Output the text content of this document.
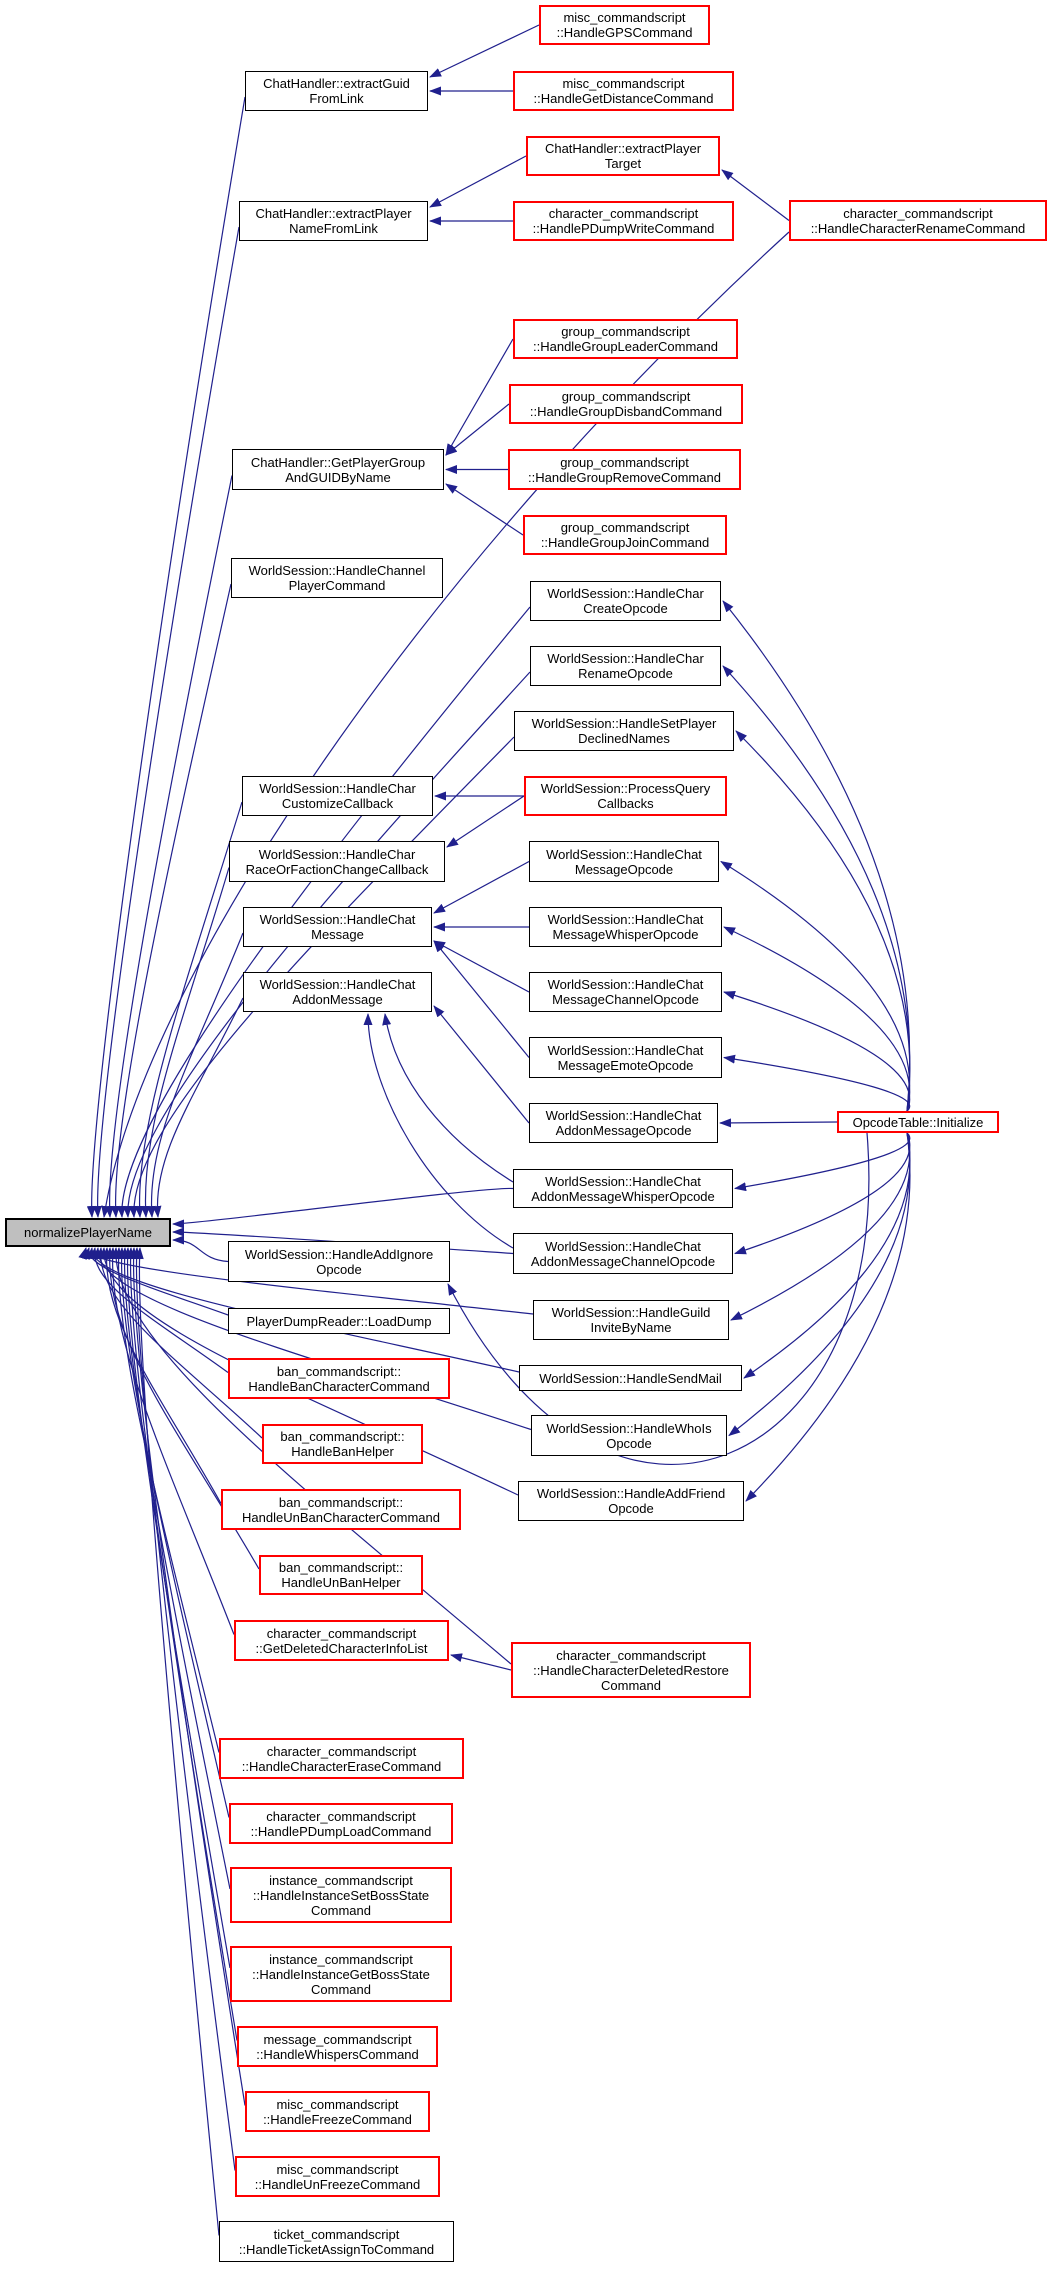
misc_commandscript
::HandleGPSCommand
ChatHandler::extractGuid
FromLink
misc_commandscript
::HandleGetDistanceCommand
ChatHandler::extractPlayer
Target
ChatHandler::extractPlayer
NameFromLink
character_commandscript
::HandlePDumpWriteCommand
character_commandscript
::HandleCharacterRenameCommand
group_commandscript
::HandleGroupLeaderCommand
group_commandscript
::HandleGroupDisbandCommand
ChatHandler::GetPlayerGroup
AndGUIDByName
group_commandscript
::HandleGroupRemoveCommand
group_commandscript
::HandleGroupJoinCommand
WorldSession::HandleChannel
PlayerCommand
WorldSession::HandleChar
CreateOpcode
WorldSession::HandleChar
RenameOpcode
WorldSession::HandleSetPlayer
DeclinedNames
WorldSession::HandleChar
CustomizeCallback
WorldSession::ProcessQuery
Callbacks
WorldSession::HandleChar
RaceOrFactionChangeCallback
WorldSession::HandleChat
MessageOpcode
WorldSession::HandleChat
Message
WorldSession::HandleChat
MessageWhisperOpcode
WorldSession::HandleChat
AddonMessage
WorldSession::HandleChat
MessageChannelOpcode
WorldSession::HandleChat
MessageEmoteOpcode
WorldSession::HandleChat
AddonMessageOpcode
OpcodeTable::Initialize
WorldSession::HandleChat
AddonMessageWhisperOpcode
normalizePlayerName
WorldSession::HandleChat
AddonMessageChannelOpcode
WorldSession::HandleAddIgnore
Opcode
WorldSession::HandleGuild
InviteByName
PlayerDumpReader::LoadDump
ban_commandscript::
HandleBanCharacterCommand
WorldSession::HandleSendMail
WorldSession::HandleWhoIs
Opcode
ban_commandscript::
HandleBanHelper
WorldSession::HandleAddFriend
Opcode
ban_commandscript::
HandleUnBanCharacterCommand
ban_commandscript::
HandleUnBanHelper
character_commandscript
::GetDeletedCharacterInfoList	character_commandscript
::HandleCharacterDeletedRestore
Command
character_commandscript
::HandleCharacterEraseCommand
character_commandscript
::HandlePDumpLoadCommand
instance_commandscript
::HandleInstanceSetBossState
Command
instance_commandscript
::HandleInstanceGetBossState
Command
message_commandscript
::HandleWhispersCommand
misc_commandscript
::HandleFreezeCommand
misc_commandscript
::HandleUnFreezeCommand
ticket_commandscript
::HandleTicketAssignToCommand
